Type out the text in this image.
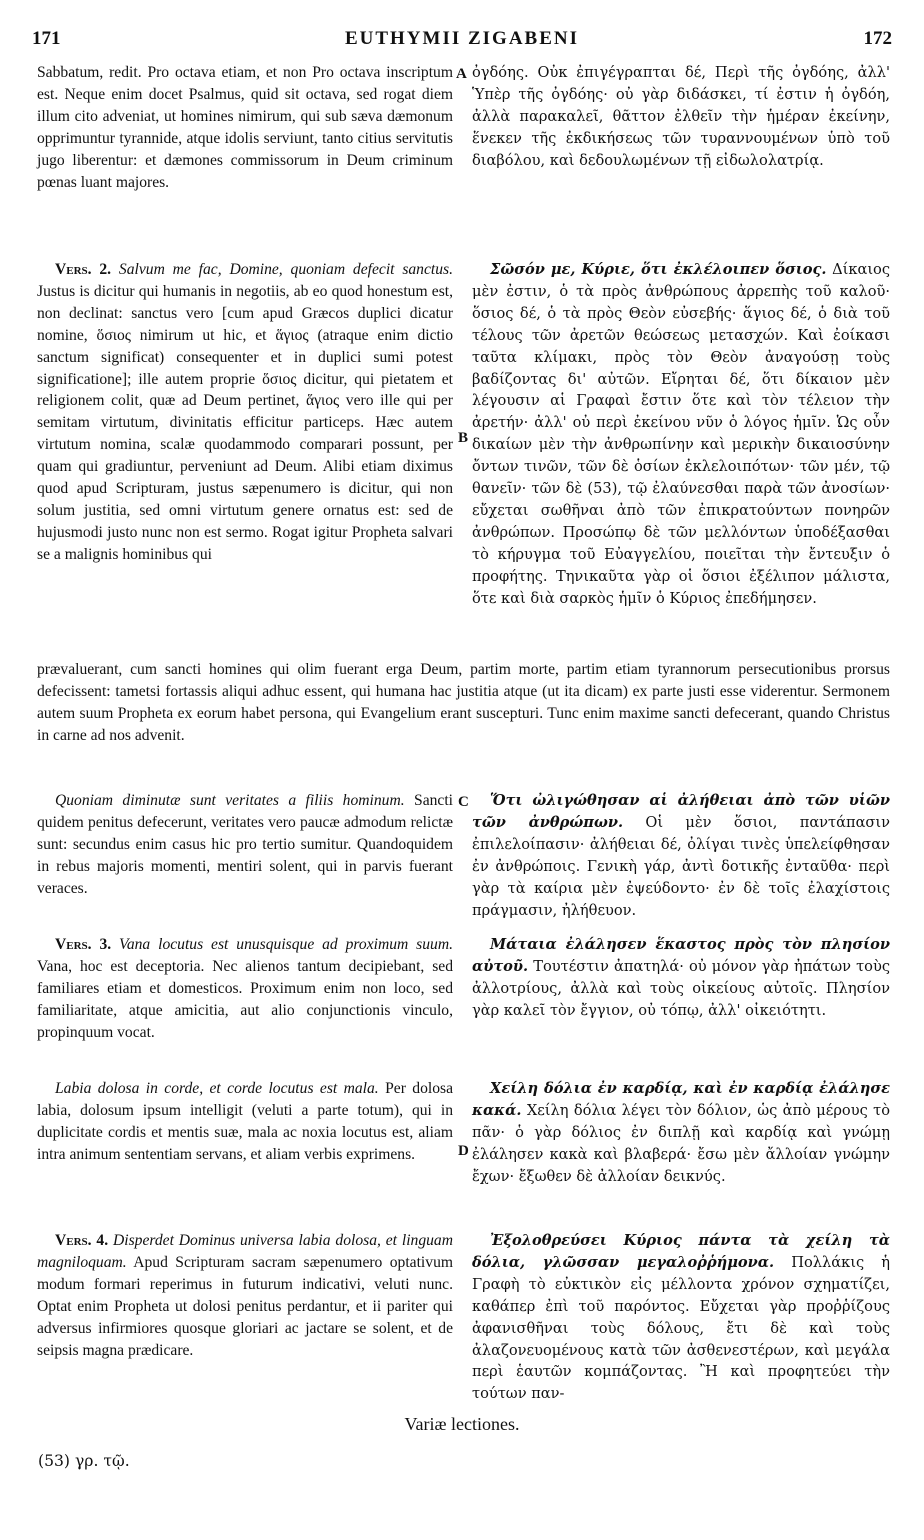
171	EUTHYMII ZIGABENI	172

Sabbatum, redit. Pro octava etiam, et non Pro octava inscriptum est. Neque enim docet Psalmus, quid sit octava, sed rogat diem illum cito adveniat, ut homines nimirum, qui sub sæva dæmonum opprimuntur tyrannide, atque idolis serviunt, tanto citius servitutis jugo liberentur: et dæmones commissorum in Deum criminum pœnas luant majores.

A ὀγδόης. Οὐκ ἐπιγέγραπται δέ, Περὶ τῆς ὀγδόης, ἀλλ' Ὑπὲρ τῆς ὀγδόης· οὐ γὰρ διδάσκει, τί ἐστιν ἡ ὀγδόη, ἀλλὰ παρακαλεῖ, θᾶττον ἐλθεῖν τὴν ἡμέραν ἐκείνην, ἕνεκεν τῆς ἐκδικήσεως τῶν τυραννουμένων ὑπὸ τοῦ διαβόλου, καὶ δεδουλωμένων τῇ εἰδωλολατρίᾳ.

Vers. 2. Salvum me fac, Domine, quoniam defecit sanctus. Justus is dicitur qui humanis in negotiis, ab eo quod honestum est, non declinat: sanctus vero [cum apud Græcos duplici dicatur nomine, ὅσιος nimirum ut hic, et ἅγιος (atraque enim dictio sanctum significat) consequenter et in duplici sumi potest significatione]; ille autem proprie ὅσιος dicitur, qui pietatem et religionem colit, quæ ad Deum pertinet, ἅγιος vero ille qui per semitam virtutum, divinitatis efficitur particeps. Hæc autem virtutum nomina, scalæ quodammodo comparari possunt, per quam qui gradiuntur, perveniunt ad Deum. Alibi etiam diximus quod apud Scripturam, justus sæpenumero is dicitur, qui non solum justitia, sed omni virtutum genere ornatus est: sed de hujusmodi justo nunc non est sermo. Rogat igitur Propheta salvari se a malignis hominibus qui

B

Σῶσόν με, Κύριε, ὅτι ἐκλέλοιπεν ὅσιος. Δίκαιος μὲν ἐστιν, ὁ τὰ πρὸς ἀνθρώπους ἀρρεπὴς τοῦ καλοῦ· ὅσιος δέ, ὁ τὰ πρὸς Θεὸν εὐσεβής· ἅγιος δέ, ὁ διὰ τοῦ τέλους τῶν ἀρετῶν θεώσεως μετασχών. Καὶ ἐοίκασι ταῦτα κλίμακι, πρὸς τὸν Θεὸν ἀναγούσῃ τοὺς βαδίζοντας δι' αὐτῶν. Εἴρηται δέ, ὅτι δίκαιον μὲν λέγουσιν αἱ Γραφαὶ ἔστιν ὅτε καὶ τὸν τέλειον τὴν ἀρετήν· ἀλλ' οὐ περὶ ἐκείνου νῦν ὁ λόγος ἡμῖν. Ὡς οὖν δικαίων μὲν τὴν ἀνθρωπίνην καὶ μερικὴν δικαιοσύνην ὄντων τινῶν, τῶν δὲ ὁσίων ἐκλελοιπότων· τῶν μέν, τῷ θανεῖν· τῶν δὲ (53), τῷ ἐλαύνεσθαι παρὰ τῶν ἀνοσίων· εὔχεται σωθῆναι ἀπὸ τῶν ἐπικρατούντων πονηρῶν ἀνθρώπων. Προσώπῳ δὲ τῶν μελλόντων ὑποδέξασθαι τὸ κήρυγμα τοῦ Εὐαγγελίου, ποιεῖται τὴν ἔντευξιν ὁ προφήτης. Τηνικαῦτα γὰρ οἱ ὅσιοι ἐξέλιπον μάλιστα, ὅτε καὶ διὰ σαρκὸς ἡμῖν ὁ Κύριος ἐπεδήμησεν.

prævaluerant, cum sancti homines qui olim fuerant erga Deum, partim morte, partim etiam tyrannorum persecutionibus prorsus defecissent: tametsi fortassis aliqui adhuc essent, qui humana hac justitia atque (ut ita dicam) ex parte justi esse viderentur. Sermonem autem suum Propheta ex eorum habet persona, qui Evangelium erant suscepturi. Tunc enim maxime sancti defecerant, quando Christus in carne ad nos advenit.

Quoniam diminutæ sunt veritates a filiis hominum. Sancti quidem penitus defecerunt, veritates vero paucæ admodum relictæ sunt: secundus enim casus hic pro tertio sumitur. Quandoquidem in rebus majoris momenti, mentiri solent, qui in parvis fuerant veraces.

C	Ὅτι ὠλιγώθησαν αἱ ἀλήθειαι ἀπὸ τῶν υἱῶν τῶν ἀνθρώπων. Οἱ μὲν ὅσιοι, παντάπασιν ἐπιλελοίπασιν· ἀλήθειαι δέ, ὀλίγαι τινὲς ὑπελείφθησαν ἐν ἀνθρώποις. Γενικὴ γάρ, ἀντὶ δοτικῆς ἐνταῦθα· περὶ γὰρ τὰ καίρια μὲν ἐψεύδοντο· ἐν δὲ τοῖς ἐλαχίστοις πράγμασιν, ἠλήθευον.

Vers. 3. Vana locutus est unusquisque ad proximum suum. Vana, hoc est deceptoria. Nec alienos tantum decipiebant, sed familiares etiam et domesticos. Proximum enim non loco, sed familiaritate, atque amicitia, aut alio conjunctionis vinculo, propinquum vocat.

Μάταια ἐλάλησεν ἕκαστος πρὸς τὸν πλησίον αὐτοῦ. Τουτέστιν ἀπατηλά· οὐ μόνον γὰρ ἠπάτων τοὺς ἀλλοτρίους, ἀλλὰ καὶ τοὺς οἰκείους αὐτοῖς. Πλησίον γὰρ καλεῖ τὸν ἔγγιον, οὐ τόπῳ, ἀλλ' οἰκειότητι.

Labia dolosa in corde, et corde locutus est mala. Per dolosa labia, dolosum ipsum intelligit (veluti a parte totum), qui in duplicitate cordis et mentis suæ, mala ac noxia locutus est, aliam intra animum sententiam servans, et aliam verbis exprimens.	D

Χείλη δόλια ἐν καρδίᾳ, καὶ ἐν καρδίᾳ ἐλάλησε κακά. Χείλη δόλια λέγει τὸν δόλιον, ὡς ἀπὸ μέρους τὸ πᾶν· ὁ γὰρ δόλιος ἐν διπλῇ καὶ καρδίᾳ καὶ γνώμῃ ἐλάλησεν κακὰ καὶ βλαβερά· ἔσω μὲν ἄλλοίαν γνώμην ἔχων· ἔξωθεν δὲ ἀλλοίαν δεικνύς.

Vers. 4. Disperdet Dominus universa labia dolosa, et linguam magniloquam. Apud Scripturam sacram sæpenumero optativum modum formari reperimus in futurum indicativi, veluti nunc. Optat enim Propheta ut dolosi penitus perdantur, et ii pariter qui adversus infirmiores quosque gloriari ac jactare se solent, et de seipsis magna prædicare.

Ἐξολοθρεύσει Κύριος πάντα τὰ χείλη τὰ δόλια, γλῶσσαν μεγαλοῤῥήμονα. Πολλάκις ἡ Γραφὴ τὸ εὐκτικὸν εἰς μέλλοντα χρόνον σχηματίζει, καθάπερ ἐπὶ τοῦ παρόντος. Εὔχεται γὰρ προῤῥίζους ἀφανισθῆναι τοὺς δόλους, ἔτι δὲ καὶ τοὺς ἀλαζονευομένους κατὰ τῶν ἀσθενεστέρων, καὶ μεγάλα περὶ ἑαυτῶν κομπάζοντας. Ἢ καὶ προφητεύει τὴν τούτων παν-

Variæ lectiones.
(53) γρ. τῷ.
